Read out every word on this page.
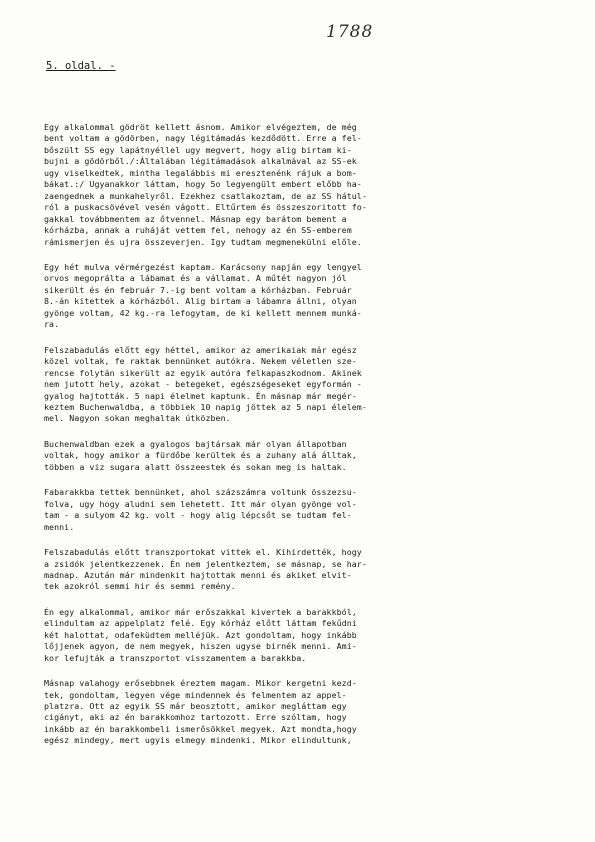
1788
5. oldal. -
Egy alkalommal gödröt kellett ásnom. Amikor elvégeztem, de még
bent voltam a gödörben, nagy légitámadás kezdődött. Erre a fel-
bőszült SS egy lapátnyéllel ugy megvert, hogy alig birtam ki-
bujni a gödörből./:Általában légitámadások alkalmával az SS-ek
ugy viselkedtek, mintha legalábbis mi eresztenénk rájuk a bom-
bákat.:/ Ugyanakkor láttam, hogy 5o legyengült embert előbb ha-
zaengednek a munkahelyről. Ezekhez csatlakoztam, de az SS hátul-
ról a puskacsövével vesén vágott. Eltűrtem és összeszoritott fo-
gakkal továbbmentem az őtvennel. Másnap egy barátom bement a
kórházba, annak a ruháját vettem fel, nehogy az én SS-emberem
rámismerjen és ujra összeverjen. Igy tudtam megmenekülni előle.
Egy hét mulva vérmérgezést kaptam. Karácsony napján egy lengyel
orvos megoprálta a lábamat és a vállamat. A műtét nagyon jól
sikerült és én február 7.-ig bent voltam a kórházban. Február
8.-án kitettek a kórházból. Alig birtam a lábamra állni, olyan
gyönge voltam, 42 kg.-ra lefogytam, de ki kellett mennem munká-
ra.
Felszabadulás előtt egy héttel, amikor az amerikaiak már egész
közel voltak, fe raktak bennünket autókra. Nekem véletlen sze-
rencse folytán sikerült az egyik autóra felkapaszkodnom. Akinek
nem jutott hely, azokat - betegeket, egészségeseket egyformán -
gyalog hajtották. 5 napi élelmet kaptunk. Én másnap már megér-
keztem Buchenwaldba, a többiek 10 napig jöttek az 5 napi élelem-
mel. Nagyon sokan meghaltak útközben.
Buchenwaldban ezek a gyalogos bajtársak már olyan állapotban
voltak, hogy amikor a fürdőbe kerültek és a zuhany alá álltak,
többen a viz sugara alatt összeestek és sokan meg is haltak.
Fabarakkba tettek bennünket, ahol százszámra voltunk összezsu-
folva, ugy hogy aludni sem lehetett. Itt már olyan gyönge vol-
tam - a sulyom 42 kg. volt - hogy alig lépcsőt se tudtam fel-
menni.
Felszabadulás előtt transzportokat vittek el. Kihirdették, hogy
a zsidók jelentkezzenek. Én nem jelentkeztem, se másnap, se har-
madnap. Azután már mindenkit hajtottak menni és akiket elvit-
tek azokról semmi hir és semmi remény.
Én egy alkalommal, amikor már erőszakkal kivertek a barakkból,
elindultam az appelplatz felé. Egy kórház előtt láttam fekűdni
két halottat, odafeküdtem melléjük. Azt gondoltam, hogy inkább
lőjjenek agyon, de nem megyek, hiszen ugyse birnék menni. Ami-
kor lefujták a transzportot visszamentem a barakkba.
Másnap valahogy erősebbnek éreztem magam. Mikor kergetni kezd-
tek, gondoltam, legyen vége mindennek és felmentem az appel-
platzra. Ott az egyik SS már beosztott, amikor megláttam egy
cigányt, aki az én barakkomhoz tartozott. Erre szóltam, hogy
inkább az én barakkombeli ismerősökkel megyek. Azt mondta,hogy
egész mindegy, mert ugyis elmegy mindenki. Mikor elindultunk,
